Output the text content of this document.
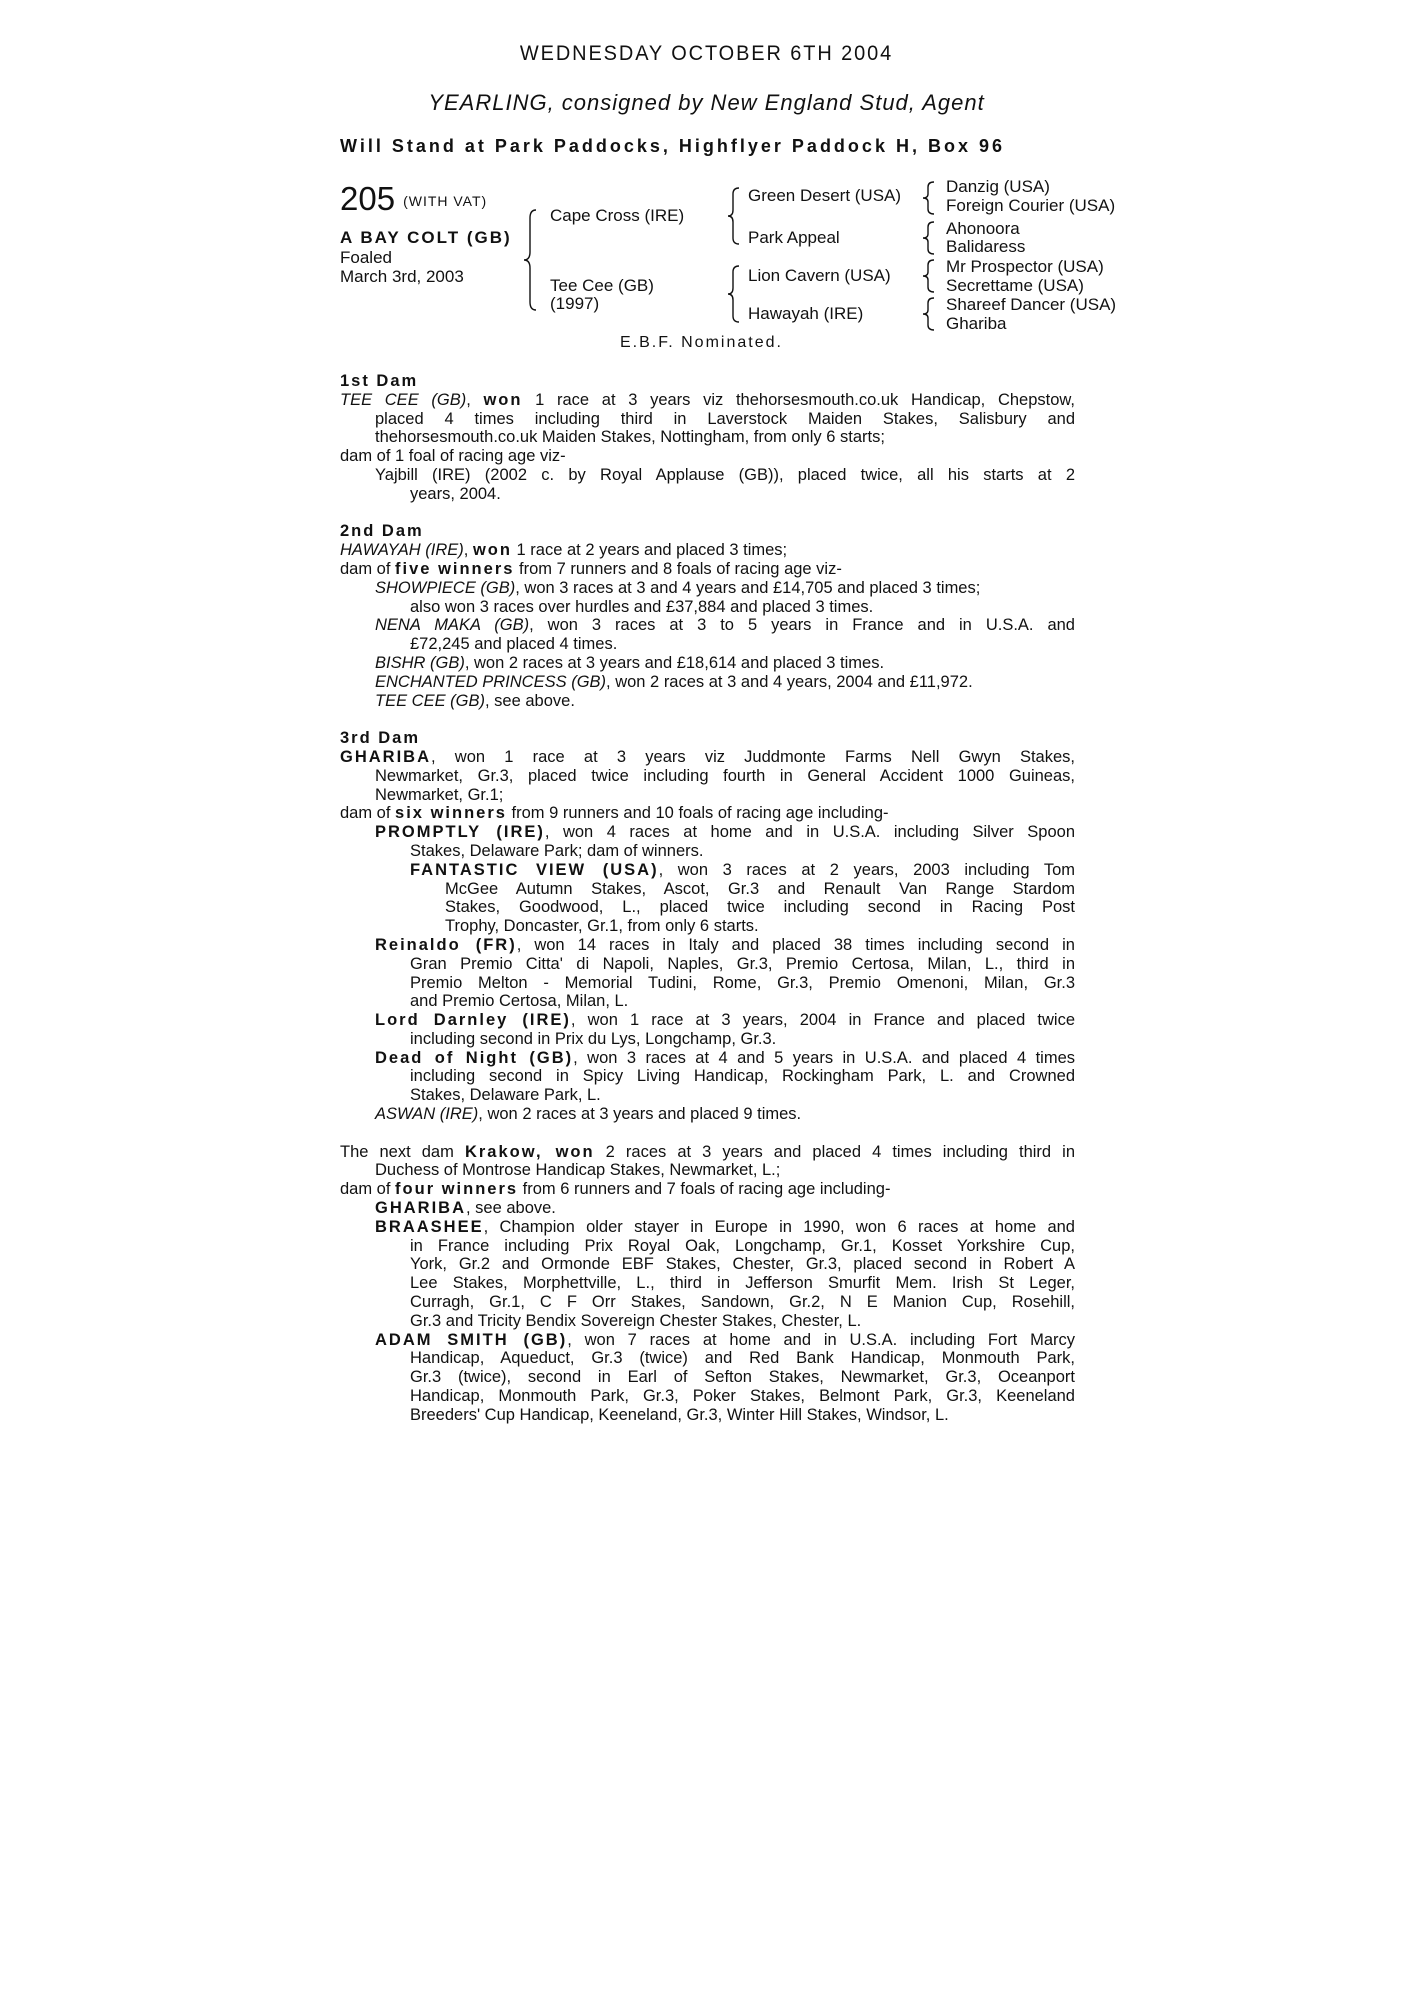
WEDNESDAY OCTOBER 6TH 2004
YEARLING, consigned by New England Stud, Agent
Will Stand at Park Paddocks, Highflyer Paddock H, Box 96
205 (WITH VAT)
A BAY COLT (GB)
Foaled
March 3rd, 2003
Cape Cross (IRE)
Tee Cee (GB)
(1997)
Green Desert (USA)
Park Appeal
Lion Cavern (USA)
Hawayah (IRE)
Danzig (USA)
Foreign Courier (USA)
Ahonoora
Balidaress
Mr Prospector (USA)
Secrettame (USA)
Shareef Dancer (USA)
Ghariba
E.B.F. Nominated.
1st Dam
TEE CEE (GB), won 1 race at 3 years viz thehorsesmouth.co.uk Handicap, Chepstow,
placed 4 times including third in Laverstock Maiden Stakes, Salisbury and
thehorsesmouth.co.uk Maiden Stakes, Nottingham, from only 6 starts;
dam of 1 foal of racing age viz-
Yajbill (IRE) (2002 c. by Royal Applause (GB)), placed twice, all his starts at 2
years, 2004.
2nd Dam
HAWAYAH (IRE), won 1 race at 2 years and placed 3 times;
dam of five winners from 7 runners and 8 foals of racing age viz-
SHOWPIECE (GB), won 3 races at 3 and 4 years and £14,705 and placed 3 times;
also won 3 races over hurdles and £37,884 and placed 3 times.
NENA MAKA (GB), won 3 races at 3 to 5 years in France and in U.S.A. and
£72,245 and placed 4 times.
BISHR (GB), won 2 races at 3 years and £18,614 and placed 3 times.
ENCHANTED PRINCESS (GB), won 2 races at 3 and 4 years, 2004 and £11,972.
TEE CEE (GB), see above.
3rd Dam
GHARIBA, won 1 race at 3 years viz Juddmonte Farms Nell Gwyn Stakes,
Newmarket, Gr.3, placed twice including fourth in General Accident 1000 Guineas,
Newmarket, Gr.1;
dam of six winners from 9 runners and 10 foals of racing age including-
PROMPTLY (IRE), won 4 races at home and in U.S.A. including Silver Spoon
Stakes, Delaware Park; dam of winners.
FANTASTIC VIEW (USA), won 3 races at 2 years, 2003 including Tom
McGee Autumn Stakes, Ascot, Gr.3 and Renault Van Range Stardom
Stakes, Goodwood, L., placed twice including second in Racing Post
Trophy, Doncaster, Gr.1, from only 6 starts.
Reinaldo (FR), won 14 races in Italy and placed 38 times including second in
Gran Premio Citta' di Napoli, Naples, Gr.3, Premio Certosa, Milan, L., third in
Premio Melton - Memorial Tudini, Rome, Gr.3, Premio Omenoni, Milan, Gr.3
and Premio Certosa, Milan, L.
Lord Darnley (IRE), won 1 race at 3 years, 2004 in France and placed twice
including second in Prix du Lys, Longchamp, Gr.3.
Dead of Night (GB), won 3 races at 4 and 5 years in U.S.A. and placed 4 times
including second in Spicy Living Handicap, Rockingham Park, L. and Crowned
Stakes, Delaware Park, L.
ASWAN (IRE), won 2 races at 3 years and placed 9 times.
The next dam Krakow, won 2 races at 3 years and placed 4 times including third in
Duchess of Montrose Handicap Stakes, Newmarket, L.;
dam of four winners from 6 runners and 7 foals of racing age including-
GHARIBA, see above.
BRAASHEE, Champion older stayer in Europe in 1990, won 6 races at home and
in France including Prix Royal Oak, Longchamp, Gr.1, Kosset Yorkshire Cup,
York, Gr.2 and Ormonde EBF Stakes, Chester, Gr.3, placed second in Robert A
Lee Stakes, Morphettville, L., third in Jefferson Smurfit Mem. Irish St Leger,
Curragh, Gr.1, C F Orr Stakes, Sandown, Gr.2, N E Manion Cup, Rosehill,
Gr.3 and Tricity Bendix Sovereign Chester Stakes, Chester, L.
ADAM SMITH (GB), won 7 races at home and in U.S.A. including Fort Marcy
Handicap, Aqueduct, Gr.3 (twice) and Red Bank Handicap, Monmouth Park,
Gr.3 (twice), second in Earl of Sefton Stakes, Newmarket, Gr.3, Oceanport
Handicap, Monmouth Park, Gr.3, Poker Stakes, Belmont Park, Gr.3, Keeneland
Breeders' Cup Handicap, Keeneland, Gr.3, Winter Hill Stakes, Windsor, L.
